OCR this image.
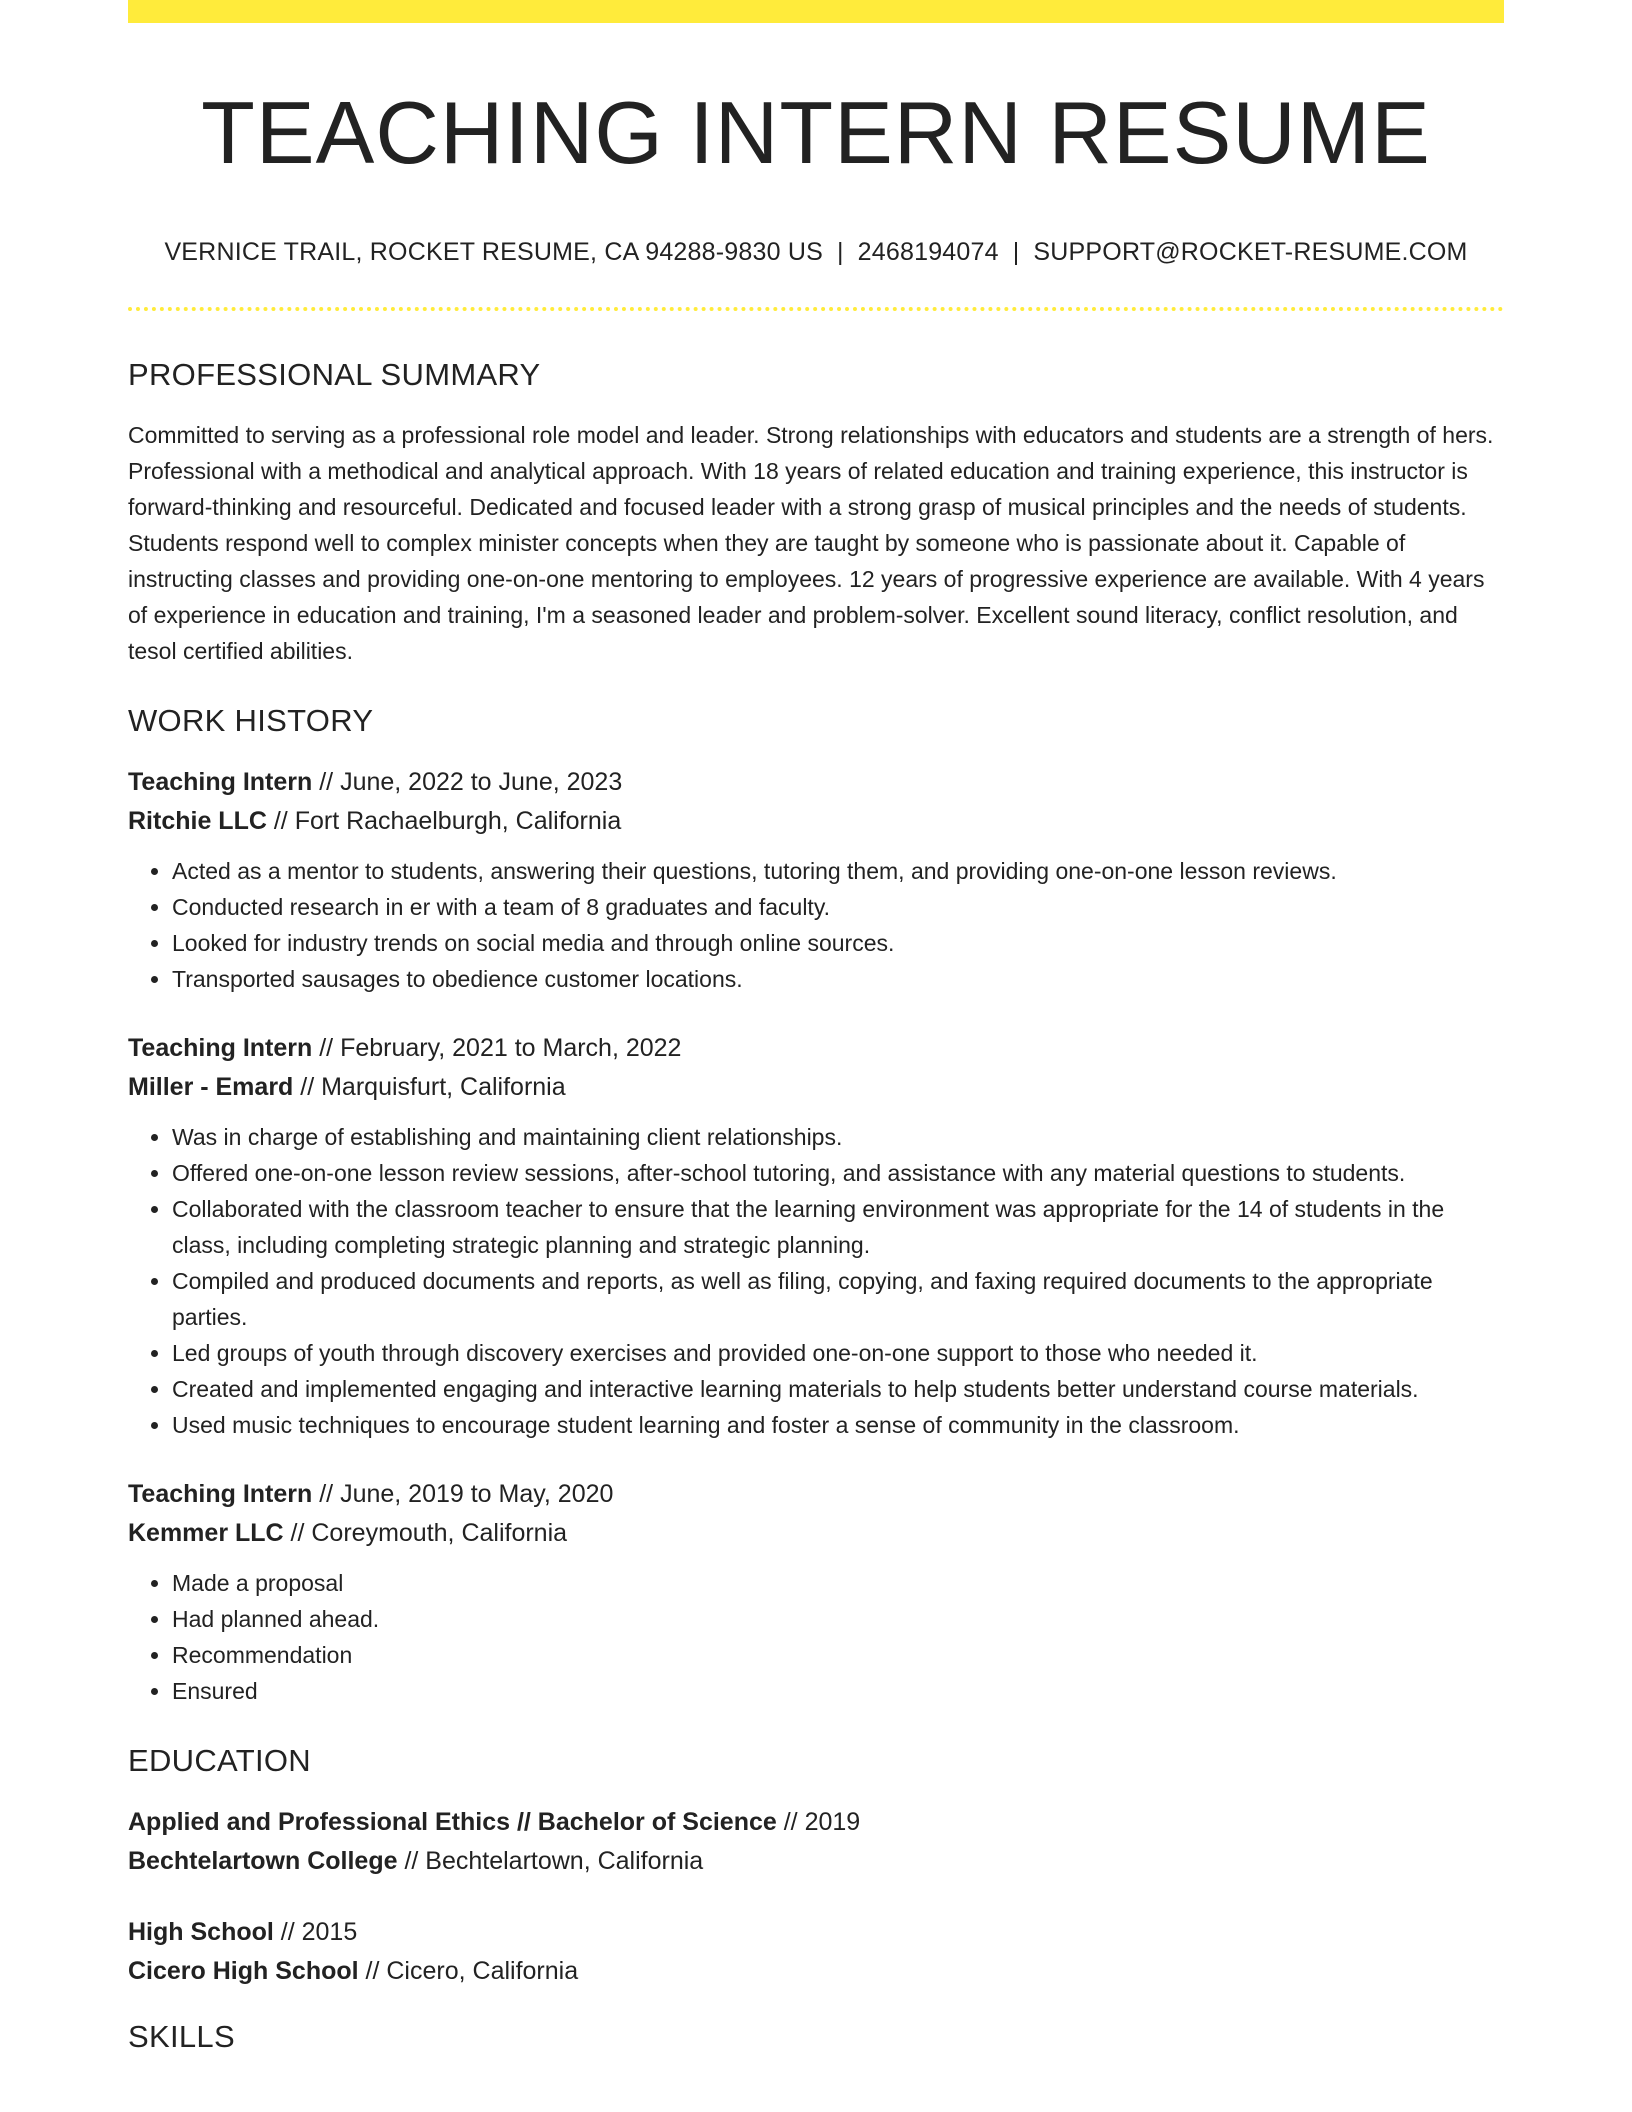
TEACHING INTERN RESUME
VERNICE TRAIL, ROCKET RESUME, CA 94288-9830 US | 2468194074 | SUPPORT@ROCKET-RESUME.COM
PROFESSIONAL SUMMARY

Committed to serving as a professional role model and leader. Strong relationships with educators and students are a strength of hers. Professional with a methodical and analytical approach. With 18 years of related education and training experience, this instructor is forward-thinking and resourceful. Dedicated and focused leader with a strong grasp of musical principles and the needs of students. Students respond well to complex minister concepts when they are taught by someone who is passionate about it. Capable of instructing classes and providing one-on-one mentoring to employees. 12 years of progressive experience are available. With 4 years of experience in education and training, I'm a seasoned leader and problem-solver. Excellent sound literacy, conflict resolution, and tesol certified abilities.

WORK HISTORY
Teaching Intern // June, 2022 to June, 2023
Ritchie LLC // Fort Rachaelburgh, California
• Acted as a mentor to students, answering their questions, tutoring them, and providing one-on-one lesson reviews.
• Conducted research in er with a team of 8 graduates and faculty.
• Looked for industry trends on social media and through online sources.
• Transported sausages to obedience customer locations.
Teaching Intern // February, 2021 to March, 2022
Miller - Emard // Marquisfurt, California
• Was in charge of establishing and maintaining client relationships.
• Offered one-on-one lesson review sessions, after-school tutoring, and assistance with any material questions to students.
• Collaborated with the classroom teacher to ensure that the learning environment was appropriate for the 14 of students in the class, including completing strategic planning and strategic planning.
• Compiled and produced documents and reports, as well as filing, copying, and faxing required documents to the appropriate parties.
• Led groups of youth through discovery exercises and provided one-on-one support to those who needed it.
• Created and implemented engaging and interactive learning materials to help students better understand course materials.
• Used music techniques to encourage student learning and foster a sense of community in the classroom.
Teaching Intern // June, 2019 to May, 2020
Kemmer LLC // Coreymouth, California
• Made a proposal
• Had planned ahead.
• Recommendation
• Ensured
EDUCATION
Applied and Professional Ethics // Bachelor of Science // 2019
Bechtelartown College // Bechtelartown, California
High School // 2015
Cicero High School // Cicero, California
SKILLS
